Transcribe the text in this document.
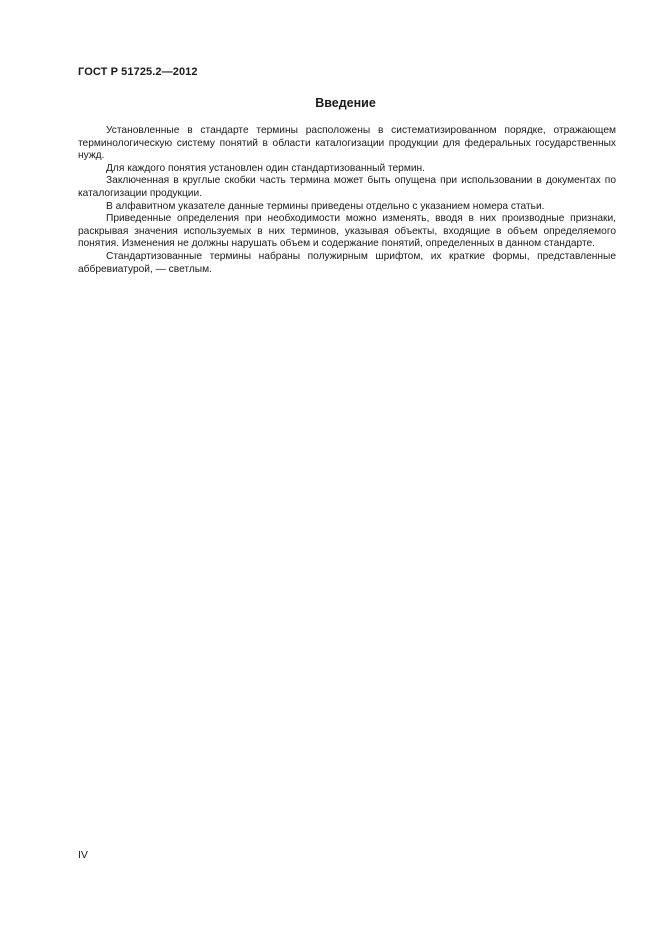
ГОСТ Р 51725.2—2012
Введение

Установленные в стандарте термины расположены в систематизированном порядке, отражающем терминологическую систему понятий в области каталогизации продукции для федеральных государственных нужд.

Для каждого понятия установлен один стандартизованный термин.

Заключенная в круглые скобки часть термина может быть опущена при использовании в документах по каталогизации продукции.

В алфавитном указателе данные термины приведены отдельно с указанием номера статьи.

Приведенные определения при необходимости можно изменять, вводя в них производные признаки, раскрывая значения используемых в них терминов, указывая объекты, входящие в объем определяемого понятия. Изменения не должны нарушать объем и содержание понятий, определенных в данном стандарте.

Стандартизованные термины набраны полужирным шрифтом, их краткие формы, представленные аббревиатурой, — светлым.

IV
